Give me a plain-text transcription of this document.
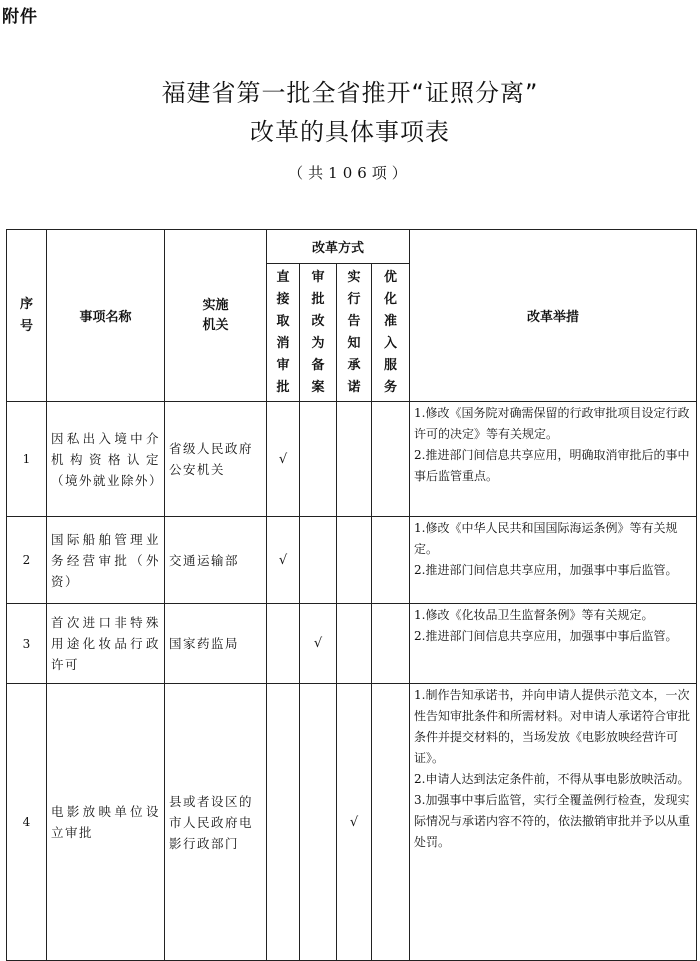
附件
福建省第一批全省推开“证照分离”
改革的具体事项表
（共106项）
序号	事项名称	实施机关	改革方式				改革举措

			直接取消审批	审批改为备案	实行告知承诺	优化准入服务	

1	因私出入境中介机构资格认定（境外就业除外）	省级人民政府公安机关	√				1.修改《国务院对确需保留的行政审批项目设定行政许可的决定》等有关规定。

2.推进部门间信息共享应用，明确取消审批后的事中事后监管重点。

2	国际船舶管理业务经营审批（外资）	交通运输部	√				1.修改《中华人民共和国国际海运条例》等有关规定。

2.推进部门间信息共享应用，加强事中事后监管。

3	首次进口非特殊用途化妆品行政许可	国家药监局		√			1.修改《化妆品卫生监督条例》等有关规定。

2.推进部门间信息共享应用，加强事中事后监管。

4	电影放映单位设立审批	县或者设区的市人民政府电影行政部门			√		1.制作告知承诺书，并向申请人提供示范文本，一次性告知审批条件和所需材料。对申请人承诺符合审批条件并提交材料的，当场发放《电影放映经营许可证》。

2.申请人达到法定条件前，不得从事电影放映活动。

3.加强事中事后监管，实行全覆盖例行检查，发现实际情况与承诺内容不符的，依法撤销审批并予以从重处罚。
